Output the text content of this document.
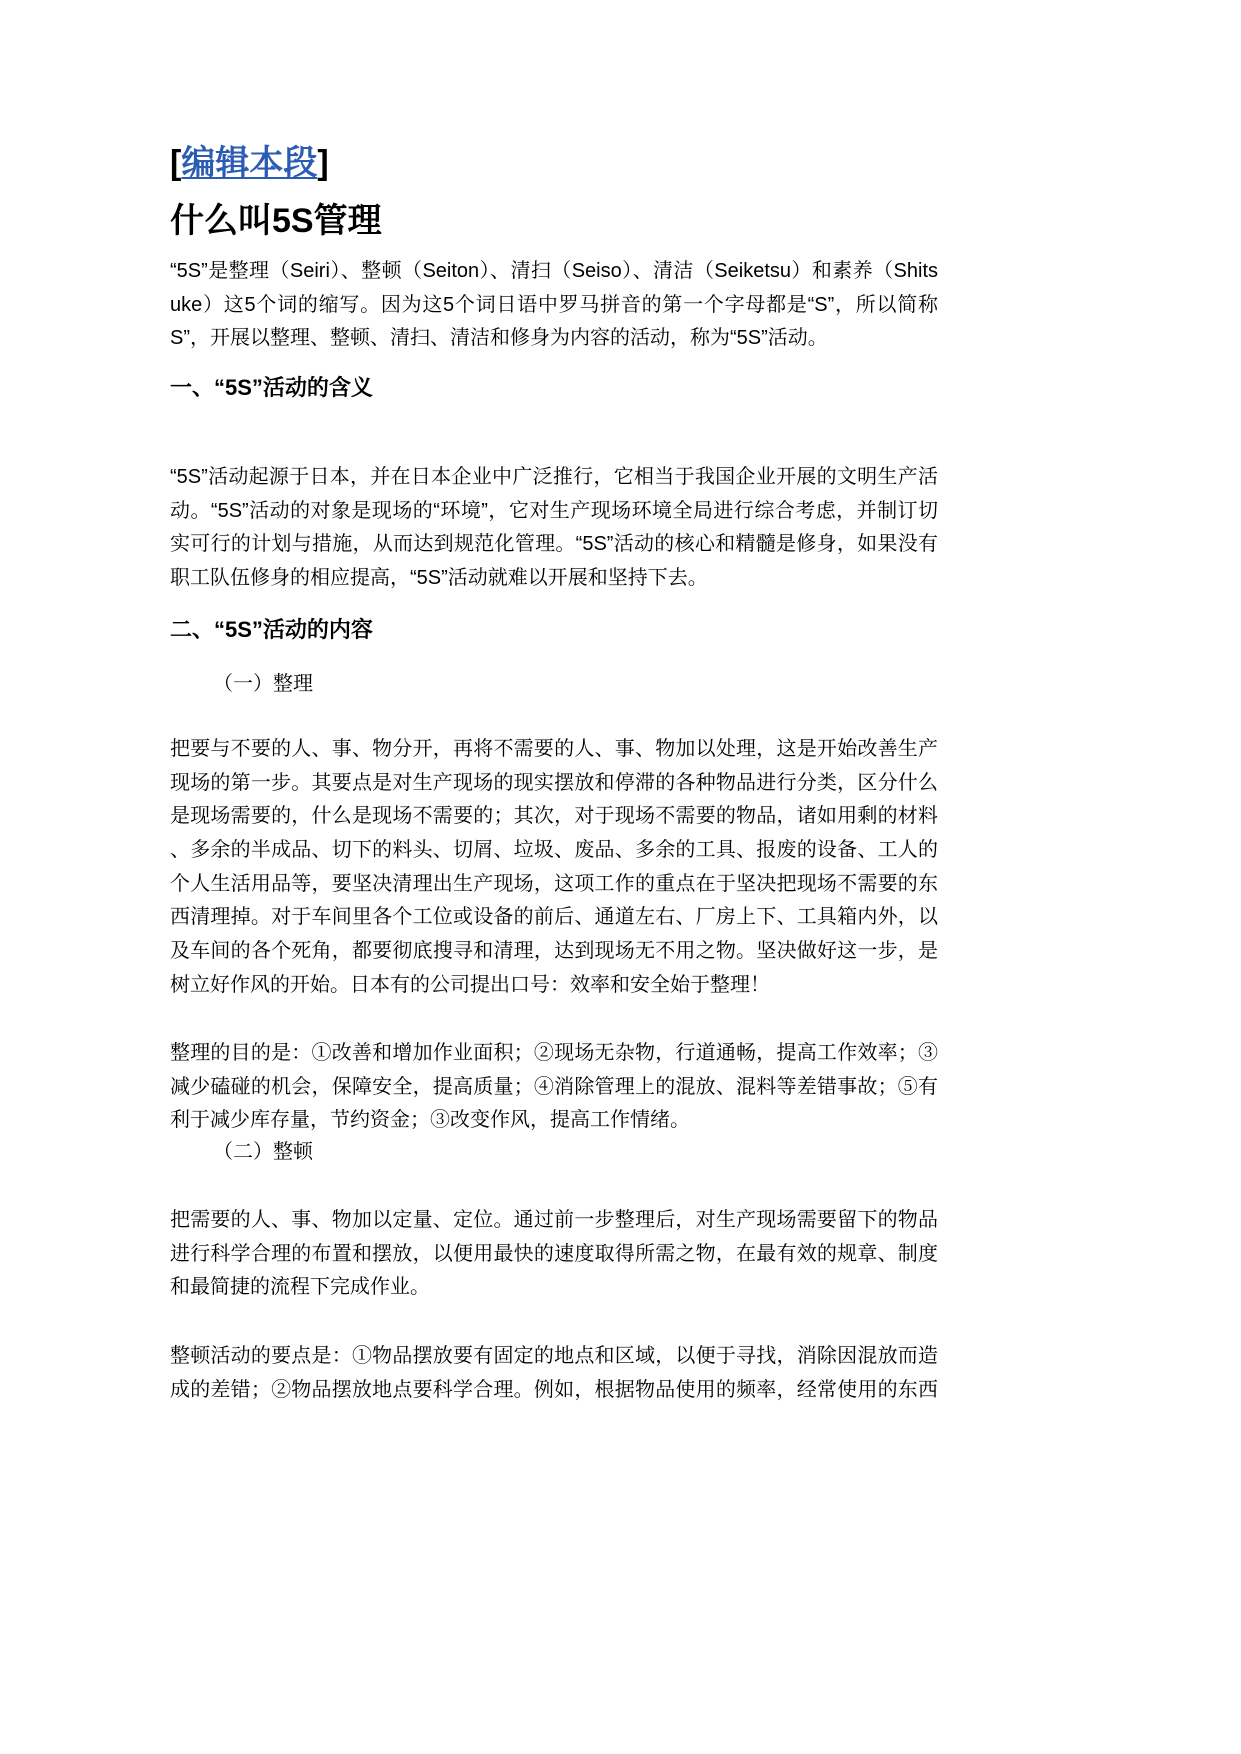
[编辑本段]
什么叫5S管理
“5S”是整理（Seiri）、整顿（Seiton）、清扫（Seiso）、清洁（Seiketsu）和素养（Shits
uke）这5个词的缩写。因为这5个词日语中罗马拼音的第一个字母都是“S”，所以简称
S”，开展以整理、整顿、清扫、清洁和修身为内容的活动，称为“5S”活动。
一、“5S”活动的含义
“5S”活动起源于日本，并在日本企业中广泛推行，它相当于我国企业开展的文明生产活
动。“5S”活动的对象是现场的“环境”，它对生产现场环境全局进行综合考虑，并制订切
实可行的计划与措施，从而达到规范化管理。“5S”活动的核心和精髓是修身，如果没有
职工队伍修身的相应提高，“5S”活动就难以开展和坚持下去。
二、“5S”活动的内容
（一）整理
把要与不要的人、事、物分开，再将不需要的人、事、物加以处理，这是开始改善生产
现场的第一步。其要点是对生产现场的现实摆放和停滞的各种物品进行分类，区分什么
是现场需要的，什么是现场不需要的；其次，对于现场不需要的物品，诸如用剩的材料
、多余的半成品、切下的料头、切屑、垃圾、废品、多余的工具、报废的设备、工人的
个人生活用品等，要坚决清理出生产现场，这项工作的重点在于坚决把现场不需要的东
西清理掉。对于车间里各个工位或设备的前后、通道左右、厂房上下、工具箱内外，以
及车间的各个死角，都要彻底搜寻和清理，达到现场无不用之物。坚决做好这一步，是
树立好作风的开始。日本有的公司提出口号：效率和安全始于整理！
整理的目的是：①改善和增加作业面积；②现场无杂物，行道通畅，提高工作效率；③
减少磕碰的机会，保障安全，提高质量；④消除管理上的混放、混料等差错事故；⑤有
利于减少库存量，节约资金；③改变作风，提高工作情绪。
（二）整顿
把需要的人、事、物加以定量、定位。通过前一步整理后，对生产现场需要留下的物品
进行科学合理的布置和摆放，以便用最快的速度取得所需之物，在最有效的规章、制度
和最简捷的流程下完成作业。
整顿活动的要点是：①物品摆放要有固定的地点和区域，以便于寻找，消除因混放而造
成的差错；②物品摆放地点要科学合理。例如，根据物品使用的频率，经常使用的东西
